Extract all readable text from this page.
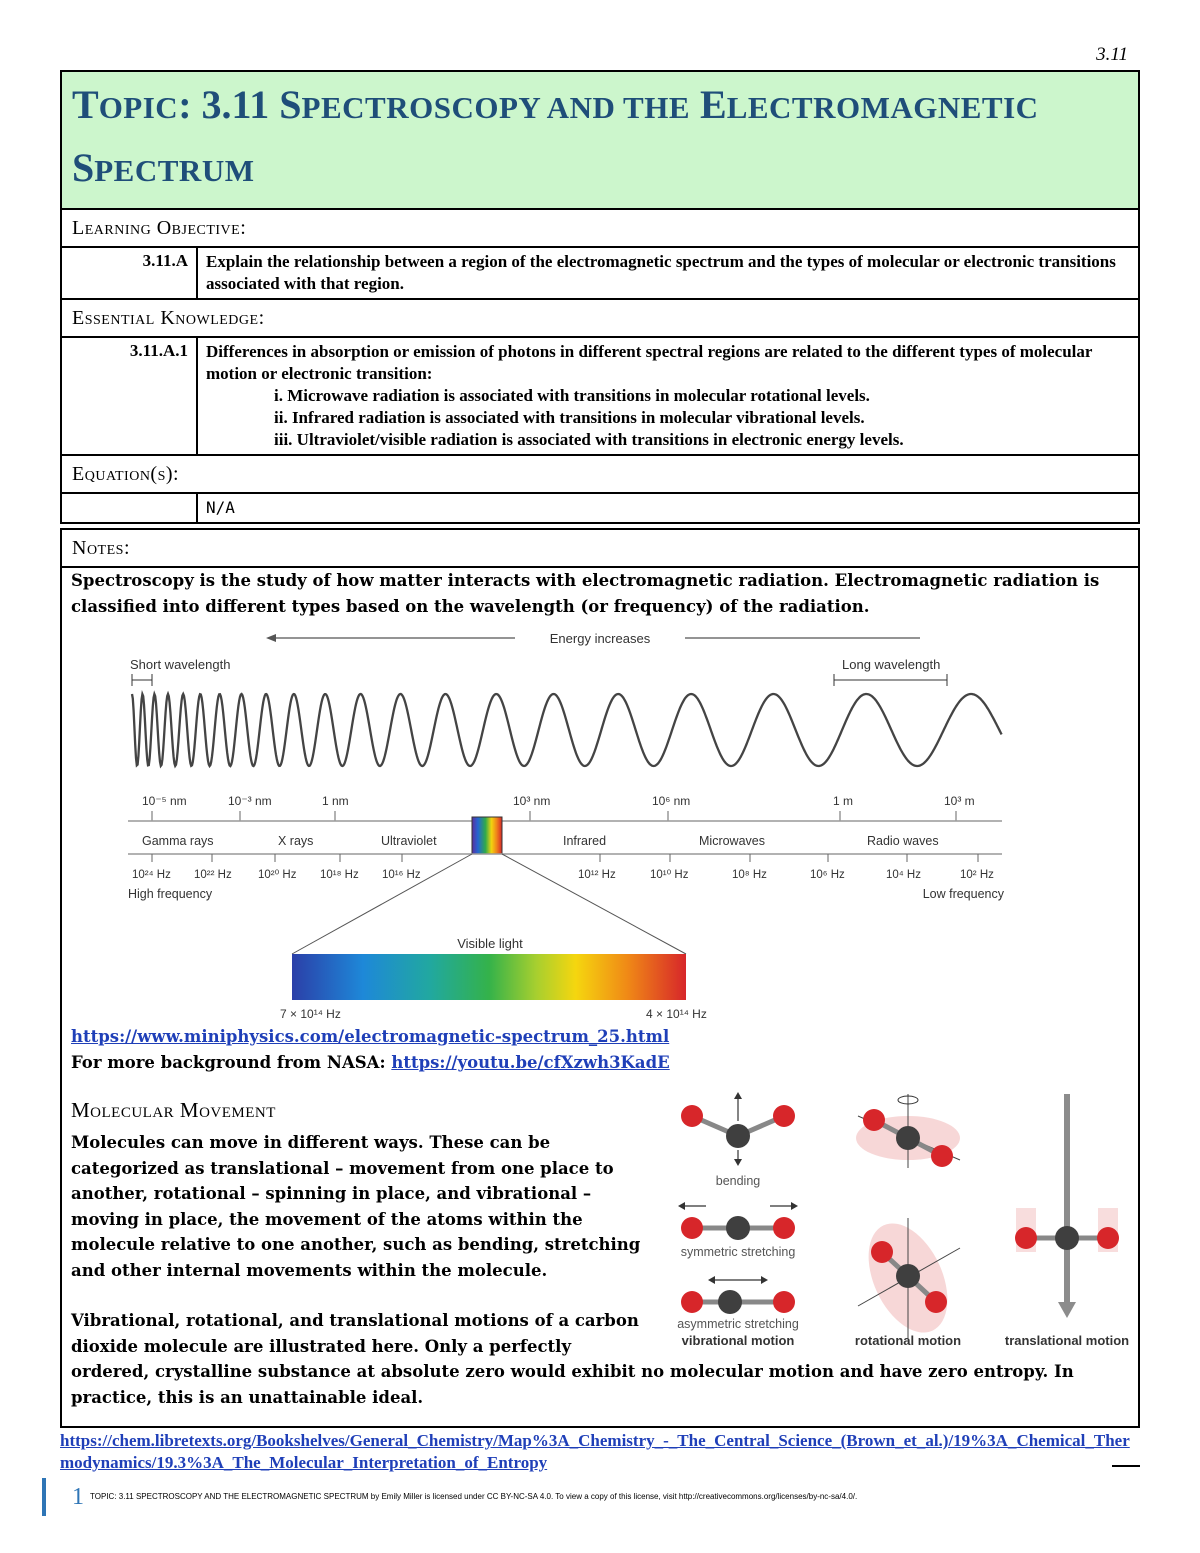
3.11
TOPIC: 3.11 SPECTROSCOPY AND THE ELECTROMAGNETIC
SPECTRUM
Learning Objective:
3.11.A	Explain the relationship between a region of the electromagnetic spectrum and the types of molecular or electronic transitions associated with that region.
Essential Knowledge:
3.11.A.1	Differences in absorption or emission of photons in different spectral regions are related to the different types of molecular motion or electronic transition:
i. Microwave radiation is associated with transitions in molecular rotational levels.
ii. Infrared radiation is associated with transitions in molecular vibrational levels.
iii. Ultraviolet/visible radiation is associated with transitions in electronic energy levels.
Equation(s):
N/A
Notes:
Spectroscopy is the study of how matter interacts with electromagnetic radiation. Electromagnetic radiation is classified into different types based on the wavelength (or frequency) of the radiation.
Energy increases
Short wavelength	Long wavelength
10⁻⁵ nm	10⁻³ nm	1 nm	10³ nm	10⁶ nm	1 m	10³ m
Gamma rays	X rays	Ultraviolet	Infrared	Microwaves	Radio waves
10²⁴ Hz 10²² Hz 10²⁰ Hz 10¹⁸ Hz 10¹⁶ Hz	10¹² Hz	10¹⁰ Hz	10⁸ Hz	10⁶ Hz	10⁴ Hz	10² Hz
High frequency	Low frequency
Visible light
7 × 10¹⁴ Hz	4 × 10¹⁴ Hz
https://www.miniphysics.com/electromagnetic-spectrum_25.html
For more background from NASA: https://youtu.be/cfXzwh3KadE
Molecular Movement
Molecules can move in different ways. These can be categorized as translational – movement from one place to another, rotational – spinning in place, and vibrational – moving in place, the movement of the atoms within the molecule relative to one another, such as bending, stretching and other internal movements within the molecule.
Vibrational, rotational, and translational motions of a carbon dioxide molecule are illustrated here. Only a perfectly
ordered, crystalline substance at absolute zero would exhibit no molecular motion and have zero entropy. In practice, this is an unattainable ideal.
bending
symmetric stretching
asymmetric stretching
vibrational motion	rotational motion	translational motion
https://chem.libretexts.org/Bookshelves/General_Chemistry/Map%3A_Chemistry_-_The_Central_Science_(Brown_et_al.)/19%3A_Chemical_Thermodynamics/19.3%3A_The_Molecular_Interpretation_of_Entropy
1 TOPIC: 3.11 SPECTROSCOPY AND THE ELECTROMAGNETIC SPECTRUM by Emily Miller is licensed under CC BY-NC-SA 4.0. To view a copy of this license, visit http://creativecommons.org/licenses/by-nc-sa/4.0/.
